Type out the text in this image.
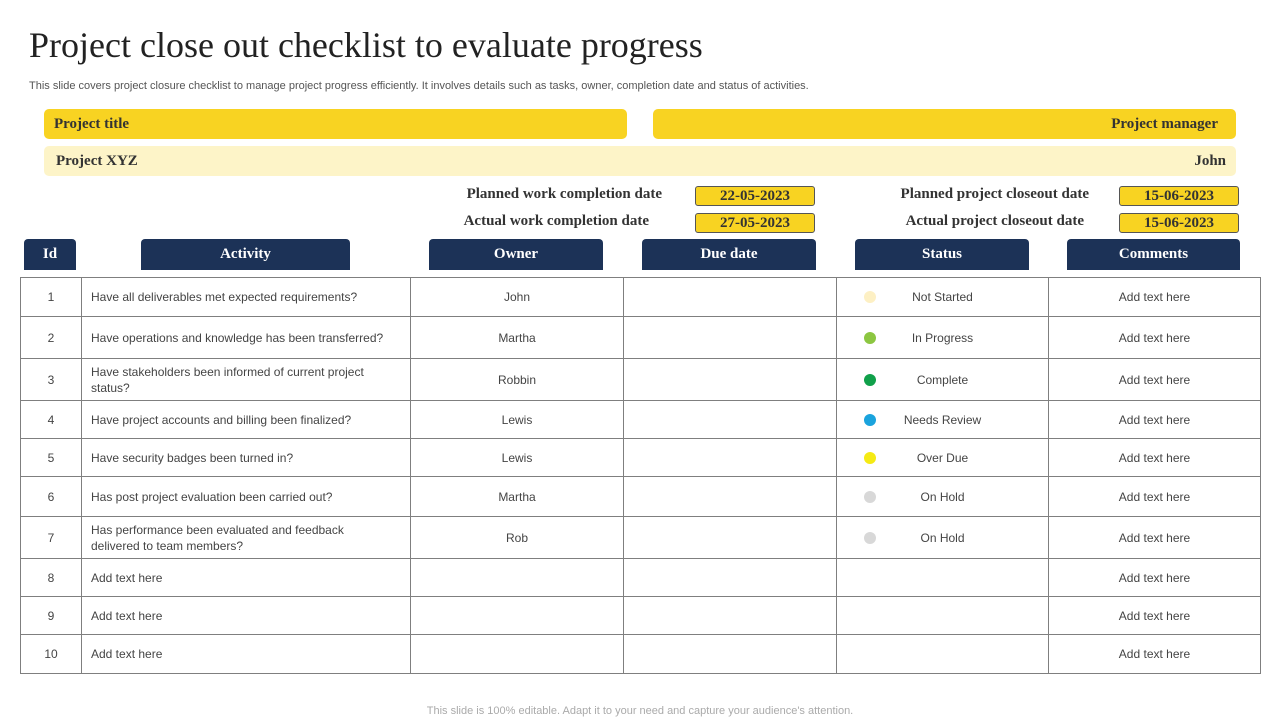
Project close out checklist to evaluate progress
This slide covers project closure checklist to manage project progress efficiently. It involves details such as tasks, owner, completion date and status of activities.
Project title	Project manager
Project XYZ	John
Planned work completion date	22-05-2023
Actual work completion date	27-05-2023
Planned project closeout date	15-06-2023
Actual project closeout date	15-06-2023
Id	Activity	Owner	Due date	Status	Comments
1	Have all deliverables met expected requirements?	John		Not Started	Add text here
2	Have operations and knowledge has been transferred?	Martha		In Progress	Add text here
3	Have stakeholders been informed of current project status?	Robbin		Complete	Add text here
4	Have project accounts and billing been finalized?	Lewis		Needs Review	Add text here
5	Have security badges been turned in?	Lewis		Over Due	Add text here
6	Has post project evaluation been carried out?	Martha		On Hold	Add text here
7	Has performance been evaluated and feedback delivered to team members?	Rob		On Hold	Add text here
8	Add text here				Add text here
9	Add text here				Add text here
10	Add text here				Add text here
This slide is 100% editable. Adapt it to your need and capture your audience's attention.
